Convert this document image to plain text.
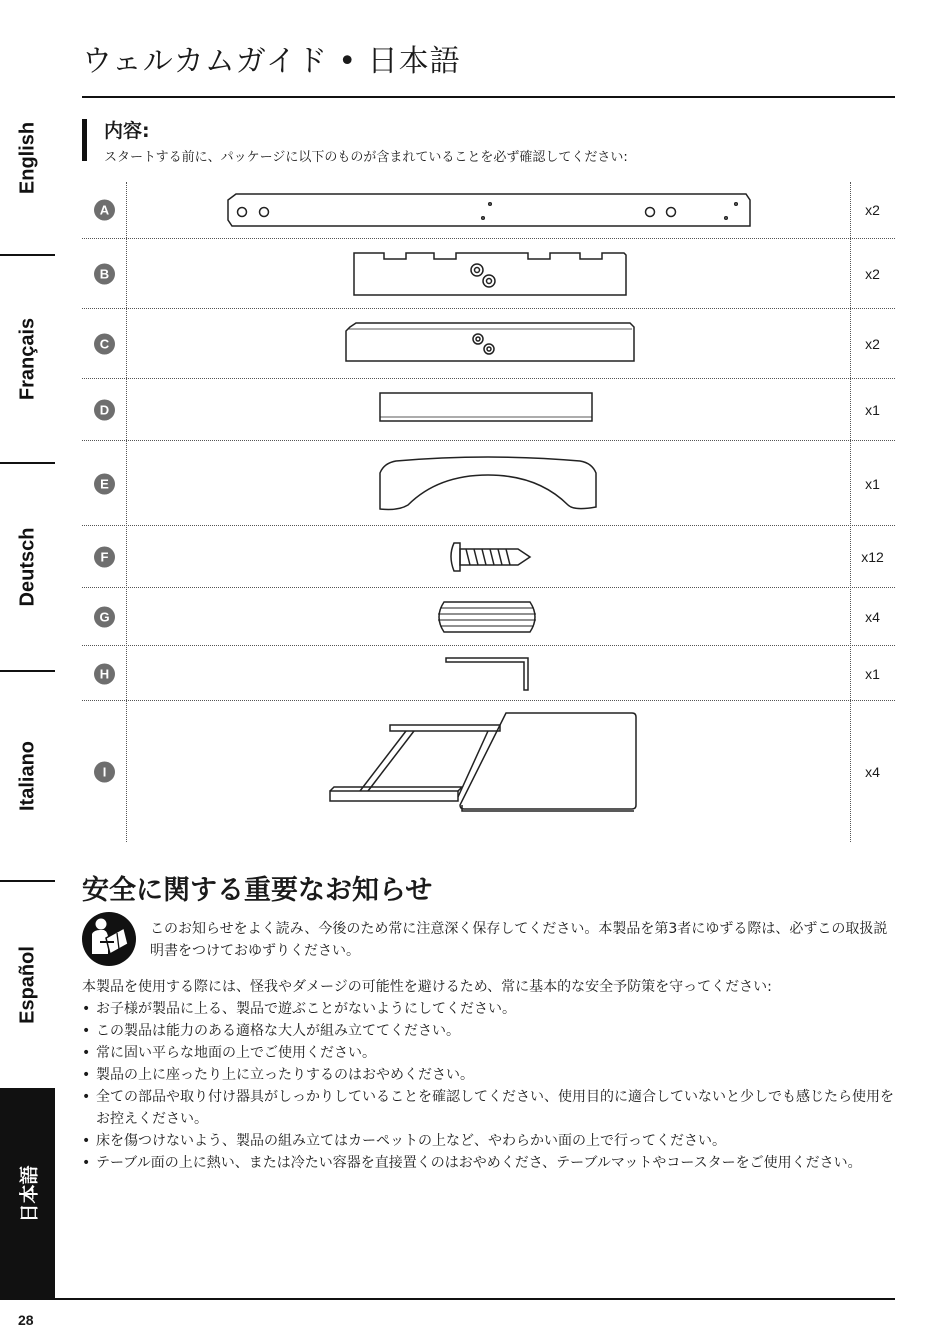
English
Français
Deutsch
Italiano
Español
日本語
ウェルカムガイド • 日本語
内容:
スタートする前に、パッケージに以下のものが含まれていることを必ず確認してください:
A	x2
B	x2
C	x2
D	x1
E	x1
F	x12
G	x4
H	x1
I	x4
安全に関する重要なお知らせ
このお知らせをよく読み、今後のため常に注意深く保存してください。本製品を第3者にゆずる際は、必ずこの取扱説明書をつけておゆずりください。
本製品を使用する際には、怪我やダメージの可能性を避けるため、常に基本的な安全予防策を守ってください:
• お子様が製品に上る、製品で遊ぶことがないようにしてください。
• この製品は能力のある適格な大人が組み立ててください。
• 常に固い平らな地面の上でご使用ください。
• 製品の上に座ったり上に立ったりするのはおやめください。
• 全ての部品や取り付け器具がしっかりしていることを確認してください、使用目的に適合していないと少しでも感じたら使用をお控えください。
• 床を傷つけないよう、製品の組み立てはカーペットの上など、やわらかい面の上で行ってください。
• テーブル面の上に熱い、または冷たい容器を直接置くのはおやめくださ、テーブルマットやコースターをご使用ください。
28
